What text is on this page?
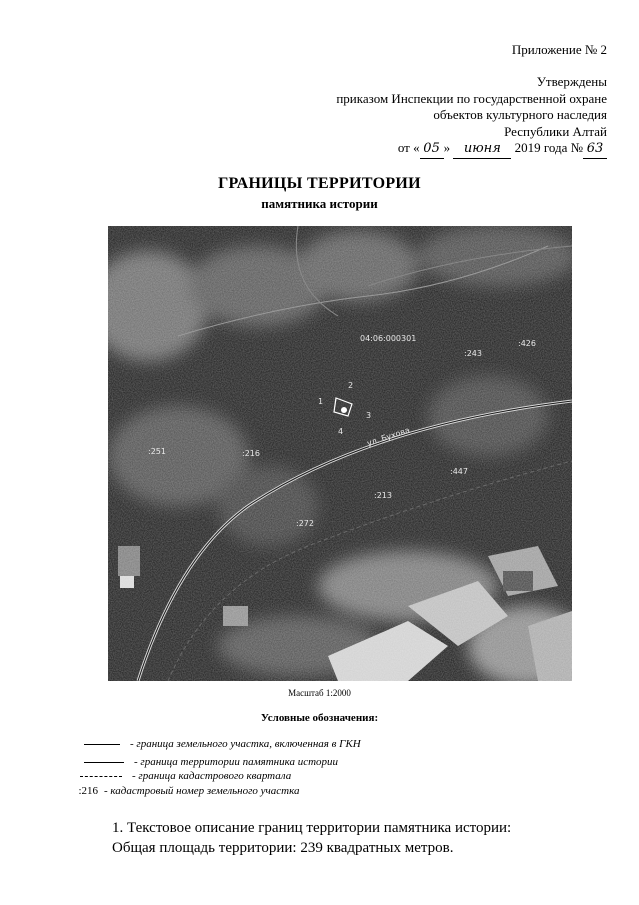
Приложение № 2
Утверждены
приказом Инспекции по государственной охране
объектов культурного наследия
Республики Алтай
от « 05 » июня 2019 года № 63
ГРАНИЦЫ ТЕРРИТОРИИ
памятника истории
04:06:000301
:243
:426
:251	:216
:447
:213
:272
ул. Бухова
2
1
3
4
Масштаб 1:2000
Условные обозначения:
- граница земельного участка, включенная в ГКН
- граница территории памятника истории
- граница кадастрового квартала
:216 - кадастровый номер земельного участка
1. Текстовое описание границ территории памятника истории:
Общая площадь территории: 239 квадратных метров.
